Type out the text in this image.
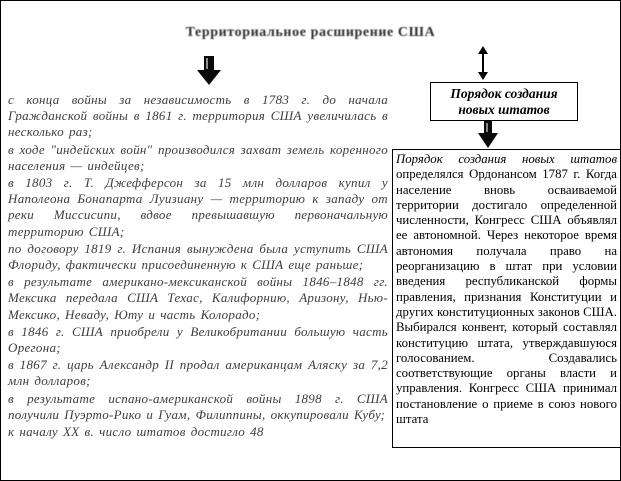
Территориальное расширение США
Порядок создания новых штатов

с конца войны за независимость в 1783 г. до начала Гражданской войны в 1861 г. территория США увеличилась в несколько раз;

в ходе "индейских войн" производился захват земель коренного населения — индейцев;

в 1803 г. Т. Джефферсон за 15 млн долларов купил у Наполеона Бонапарта Луизиану — территорию к западу от реки Миссисипи, вдвое превышавшую первоначальную территорию США;

по договору 1819 г. Испания вынуждена была уступить США Флориду, фактически присоединенную к США еще раньше;

в результате американо-мексиканской войны 1846–1848 гг. Мексика передала США Техас, Калифорнию, Аризону, Нью-Мексико, Неваду, Юту и часть Колорадо;

в 1846 г. США приобрели у Великобритании большую часть Орегона;

в 1867 г. царь Александр II продал американцам Аляску за 7,2 млн долларов;

в результате испано-американской войны 1898 г. США получили Пуэрто-Рико и Гуам, Филиппины, оккупировали Кубу;

к началу XX в. число штатов достигло 48

Порядок создания новых штатов определялся Ордонансом 1787 г. Когда население вновь осваиваемой территории достигало определенной численности, Конгресс США объявлял ее автономной. Через некоторое время автономия получала право на реорганизацию в штат при условии введения республиканской формы правления, признания Конституции и других конституционных законов США. Выбирался конвент, который составлял конституцию штата, утверждавшуюся голосованием. Создавались соответствующие органы власти и управления. Конгресс США принимал постановление о приеме в союз нового штата
